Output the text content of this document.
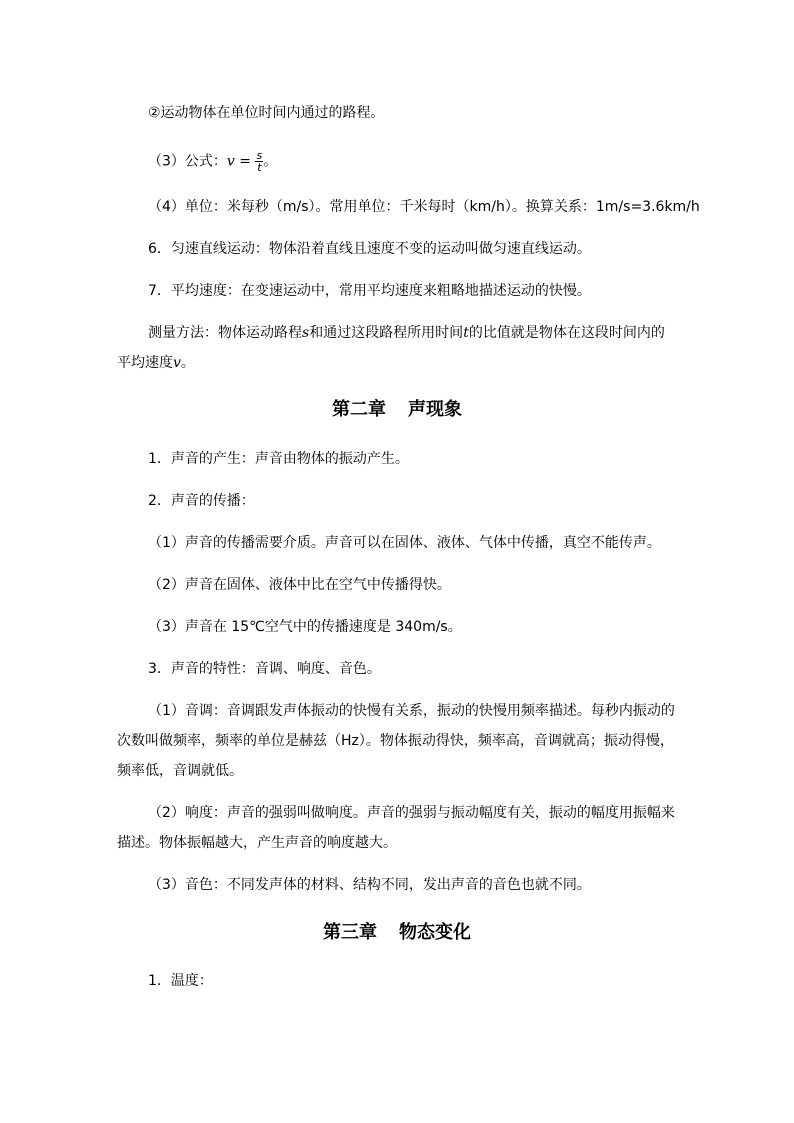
②运动物体在单位时间内通过的路程。
（3）公式：$v = \frac{s}{t}$ 。
（4）单位：米每秒（m/s）。常用单位：千米每时（km/h）。换算关系：1m/s=3.6km/h
6．匀速直线运动：物体沿着直线且速度不变的运动叫做匀速直线运动。
7．平均速度：在变速运动中，常用平均速度来粗略地描述运动的快慢。
测量方法：物体运动路程s和通过这段路程所用时间t的比值就是物体在这段时间内的
平均速度v。
第二章 声现象
1．声音的产生：声音由物体的振动产生。
2．声音的传播：
（1）声音的传播需要介质。声音可以在固体、液体、气体中传播，真空不能传声。
（2）声音在固体、液体中比在空气中传播得快。
（3）声音在 15℃空气中的传播速度是 340m/s。
3．声音的特性：音调、响度、音色。
（1）音调：音调跟发声体振动的快慢有关系，振动的快慢用频率描述。每秒内振动的
次数叫做频率，频率的单位是赫兹（Hz）。物体振动得快，频率高，音调就高；振动得慢，
频率低，音调就低。
（2）响度：声音的强弱叫做响度。声音的强弱与振动幅度有关，振动的幅度用振幅来
描述。物体振幅越大，产生声音的响度越大。
（3）音色：不同发声体的材料、结构不同，发出声音的音色也就不同。
第三章 物态变化
1．温度：
